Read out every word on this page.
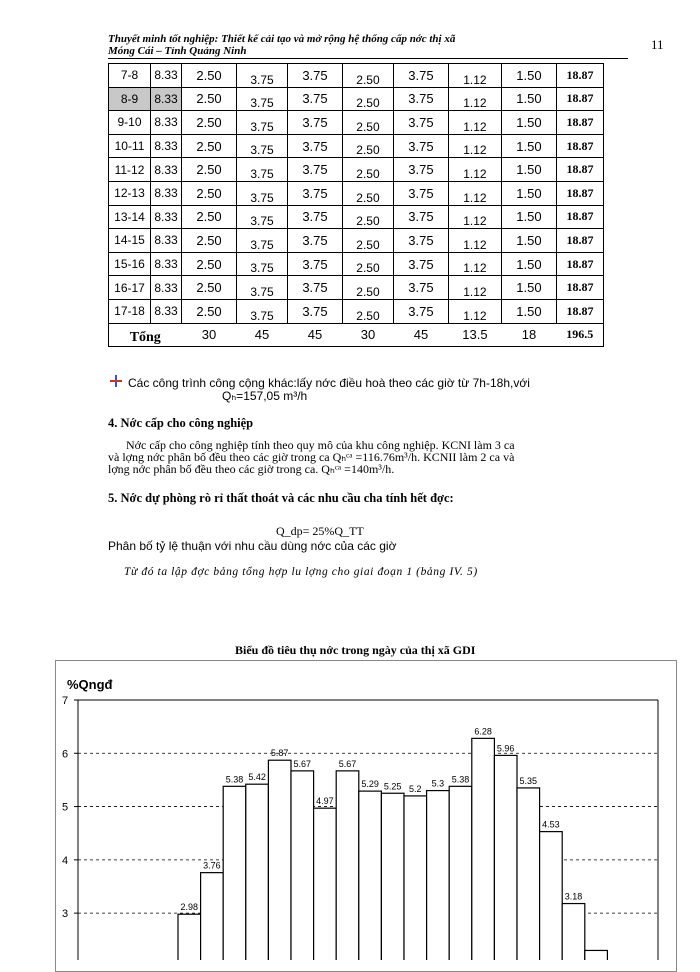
Thuyết minh tốt nghiệp: Thiết kế cải tạo và mở rộng hệ thống cấp nớc thị xã
Móng Cái – Tỉnh Quảng Ninh	11
7-8	8.33	2.50	3.75	3.75	2.50	3.75	1.12	1.50	18.87
8-9	8.33	2.50	3.75	3.75	2.50	3.75	1.12	1.50	18.87
9-10	8.33	2.50	3.75	3.75	2.50	3.75	1.12	1.50	18.87
10-11	8.33	2.50	3.75	3.75	2.50	3.75	1.12	1.50	18.87
11-12	8.33	2.50	3.75	3.75	2.50	3.75	1.12	1.50	18.87
12-13	8.33	2.50	3.75	3.75	2.50	3.75	1.12	1.50	18.87
13-14	8.33	2.50	3.75	3.75	2.50	3.75	1.12	1.50	18.87
14-15	8.33	2.50	3.75	3.75	2.50	3.75	1.12	1.50	18.87
15-16	8.33	2.50	3.75	3.75	2.50	3.75	1.12	1.50	18.87
16-17	8.33	2.50	3.75	3.75	2.50	3.75	1.12	1.50	18.87
17-18	8.33	2.50	3.75	3.75	2.50	3.75	1.12	1.50	18.87
Tổng		30	45	45	30	45	13.5	18	196.5
Các công trình công cộng khác:lấy nớc điều hoà theo các giờ từ 7h-18h,với
Qₕ=157,05 m³/h
4. Nớc cấp cho công nghiệp
Nớc cấp cho công nghiệp tính theo quy mô của khu công nghiệp. KCNI làm 3 ca
và lợng nớc phân bố đều theo các giờ trong ca Qₕᶜᵃ =116.76m³/h. KCNII làm 2 ca và
lợng nớc phân bố đều theo các giờ trong ca. Qₕᶜᵃ =140m³/h.
5. Nớc dự phòng rò rỉ thất thoát và các nhu cầu cha tính hết đợc:
Q_dp= 25%Q_TT
Phân bố tỷ lệ thuận với nhu cầu dùng nớc của các giờ
Từ đó ta lập đợc bảng tổng hợp lu lợng cho giai đoạn 1 (bảng IV. 5)
Biểu đồ tiêu thụ nớc trong ngày của thị xã GDI
7
6
5
4
3
%Qngđ
2.98
3.76
5.38 5.42
5.87
5.67
4.97
5.67
5.29 5.25 5.2
5.3 5.38
6.28
5.96
5.35
4.53
3.18
